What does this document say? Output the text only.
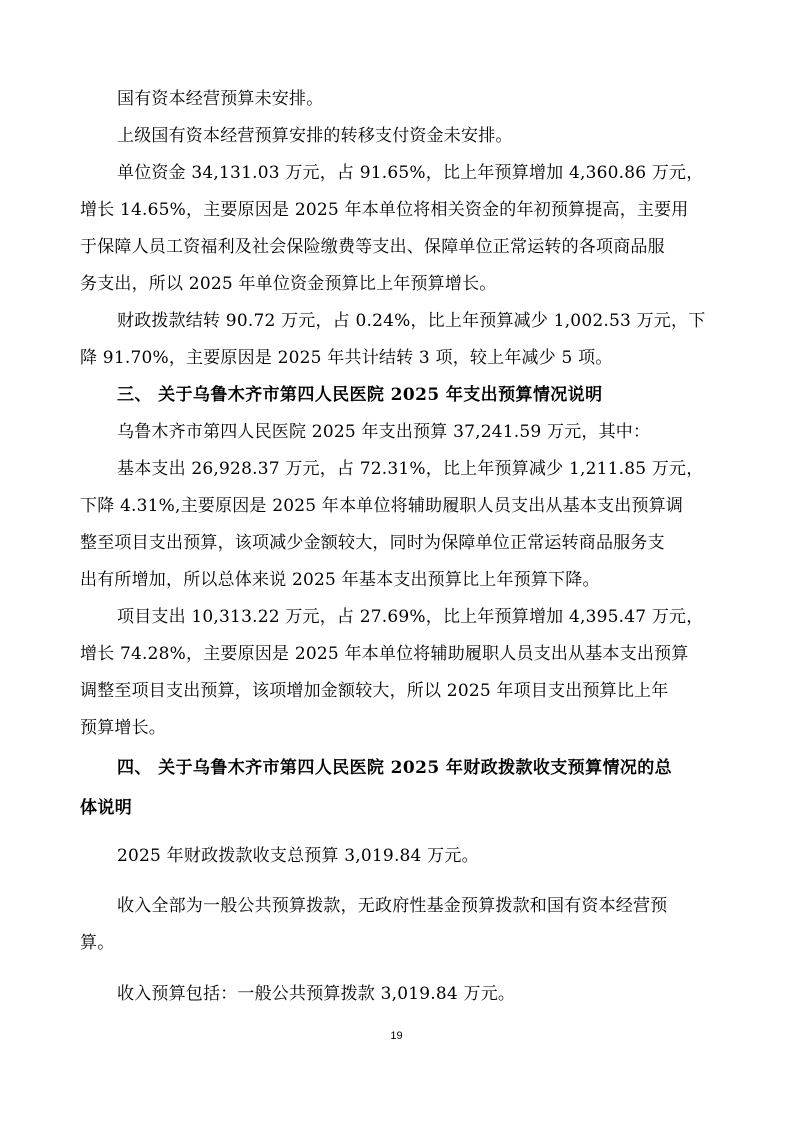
国有资本经营预算未安排。
上级国有资本经营预算安排的转移支付资金未安排。
单位资金 34,131.03 万元，占 91.65%，比上年预算增加 4,360.86 万元，
增长 14.65%，主要原因是 2025 年本单位将相关资金的年初预算提高，主要用
于保障人员工资福利及社会保险缴费等支出、保障单位正常运转的各项商品服
务支出，所以 2025 年单位资金预算比上年预算增长。
财政拨款结转 90.72 万元，占 0.24%，比上年预算减少 1,002.53 万元，下
降 91.70%，主要原因是 2025 年共计结转 3 项，较上年减少 5 项。
三、 关于乌鲁木齐市第四人民医院 2025 年支出预算情况说明
乌鲁木齐市第四人民医院 2025 年支出预算 37,241.59 万元，其中：
基本支出 26,928.37 万元，占 72.31%，比上年预算减少 1,211.85 万元，
下降 4.31%,主要原因是 2025 年本单位将辅助履职人员支出从基本支出预算调
整至项目支出预算，该项减少金额较大，同时为保障单位正常运转商品服务支
出有所增加，所以总体来说 2025 年基本支出预算比上年预算下降。
项目支出 10,313.22 万元，占 27.69%，比上年预算增加 4,395.47 万元，
增长 74.28%，主要原因是 2025 年本单位将辅助履职人员支出从基本支出预算
调整至项目支出预算，该项增加金额较大，所以 2025 年项目支出预算比上年
预算增长。
四、 关于乌鲁木齐市第四人民医院 2025 年财政拨款收支预算情况的总
体说明
2025 年财政拨款收支总预算 3,019.84 万元。
收入全部为一般公共预算拨款，无政府性基金预算拨款和国有资本经营预
算。
收入预算包括：一般公共预算拨款 3,019.84 万元。
19
